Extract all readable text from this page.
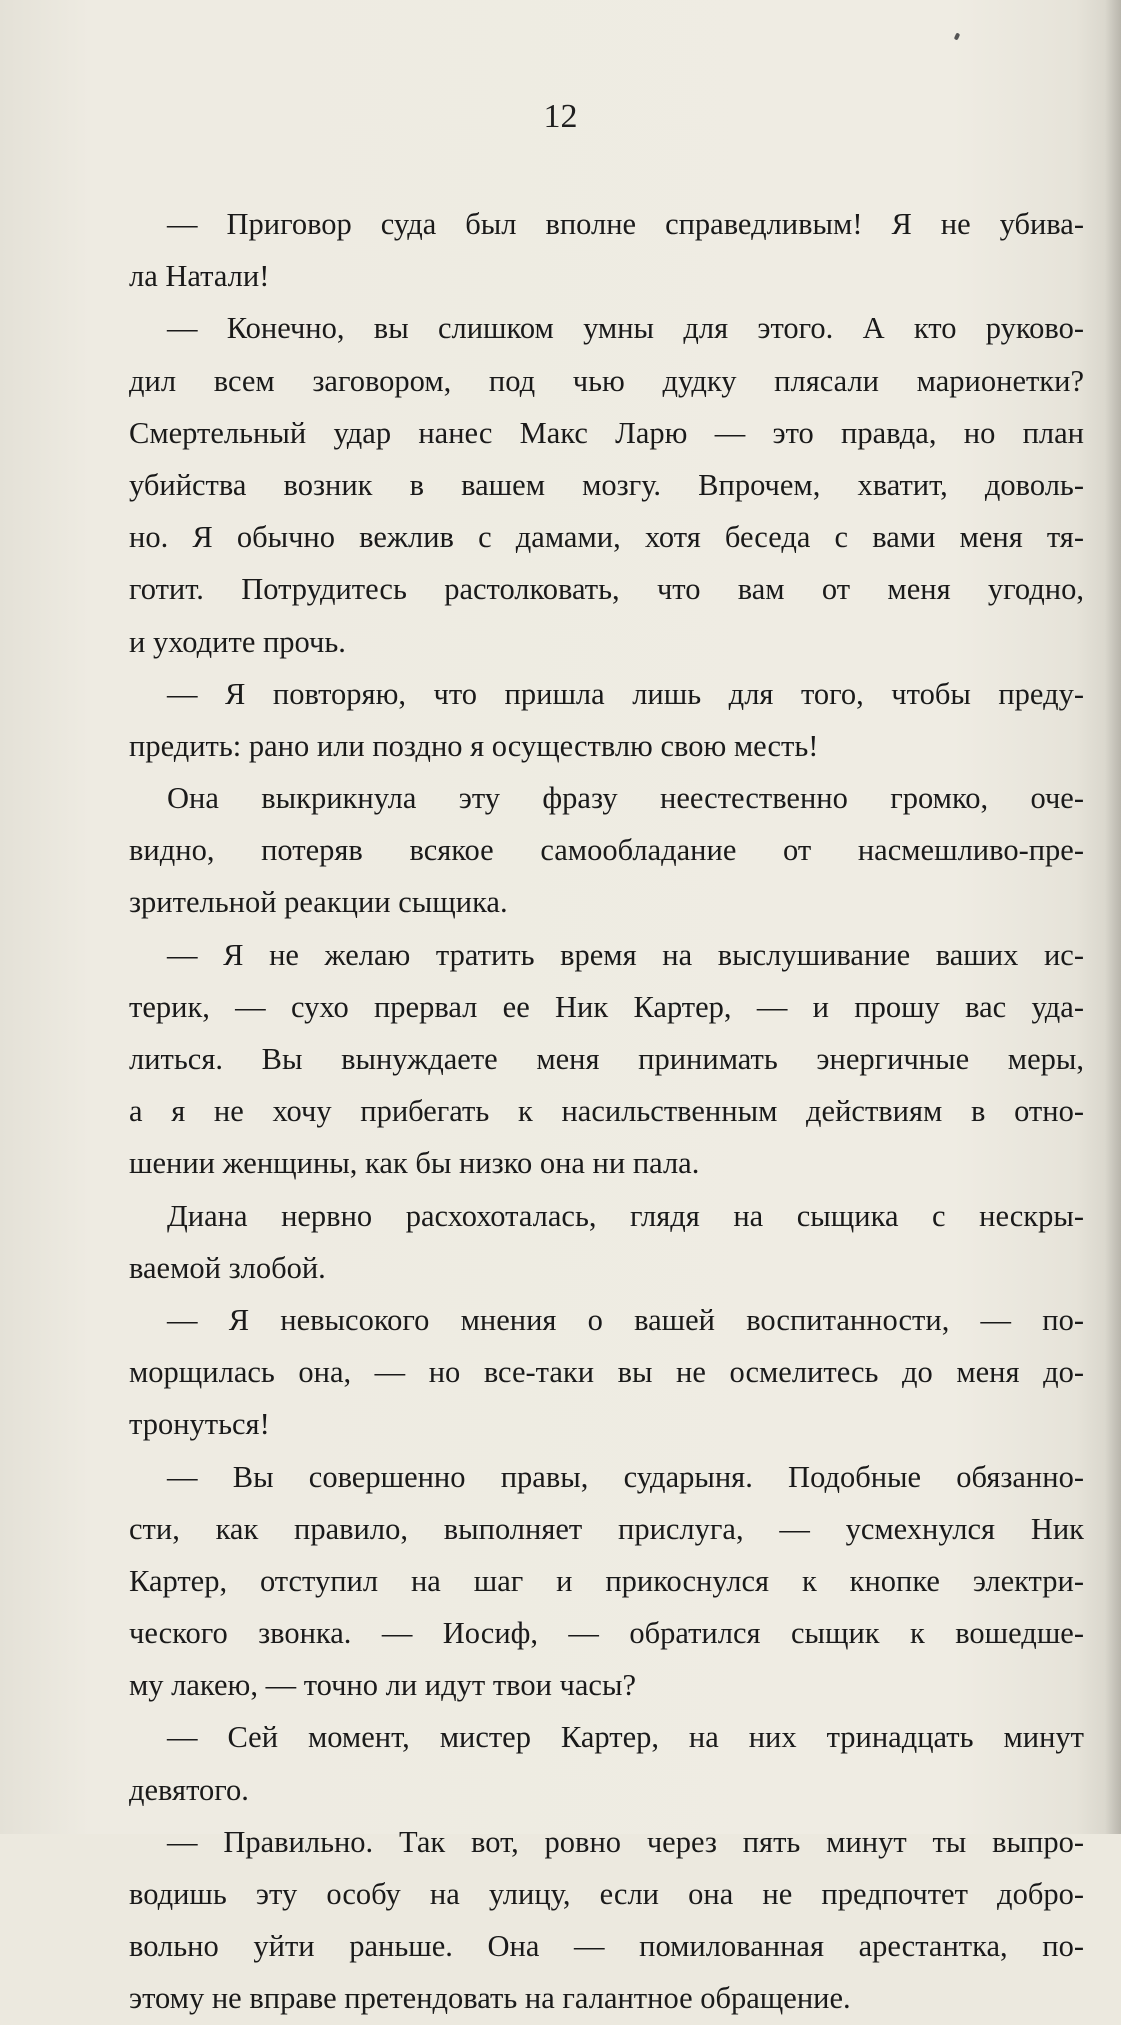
12
— Приговор суда был вполне справедливым! Я не убива-
ла Натали!
— Конечно, вы слишком умны для этого. А кто руково-
дил всем заговором, под чью дудку плясали марионетки?
Смертельный удар нанес Макс Ларю — это правда, но план
убийства возник в вашем мозгу. Впрочем, хватит, доволь-
но. Я обычно вежлив с дамами, хотя беседа с вами меня тя-
готит. Потрудитесь растолковать, что вам от меня угодно,
и уходите прочь.
— Я повторяю, что пришла лишь для того, чтобы преду-
предить: рано или поздно я осуществлю свою месть!
Она выкрикнула эту фразу неестественно громко, оче-
видно, потеряв всякое самообладание от насмешливо-пре-
зрительной реакции сыщика.
— Я не желаю тратить время на выслушивание ваших ис-
терик, — сухо прервал ее Ник Картер, — и прошу вас уда-
литься. Вы вынуждаете меня принимать энергичные меры,
а я не хочу прибегать к насильственным действиям в отно-
шении женщины, как бы низко она ни пала.
Диана нервно расхохоталась, глядя на сыщика с нескры-
ваемой злобой.
— Я невысокого мнения о вашей воспитанности, — по-
морщилась она, — но все-таки вы не осмелитесь до меня до-
тронуться!
— Вы совершенно правы, сударыня. Подобные обязанно-
сти, как правило, выполняет прислуга, — усмехнулся Ник
Картер, отступил на шаг и прикоснулся к кнопке электри-
ческого звонка. — Иосиф, — обратился сыщик к вошедше-
му лакею, — точно ли идут твои часы?
— Сей момент, мистер Картер, на них тринадцать минут
девятого.
— Правильно. Так вот, ровно через пять минут ты выпро-
водишь эту особу на улицу, если она не предпочтет добро-
вольно уйти раньше. Она — помилованная арестантка, по-
этому не вправе претендовать на галантное обращение.
